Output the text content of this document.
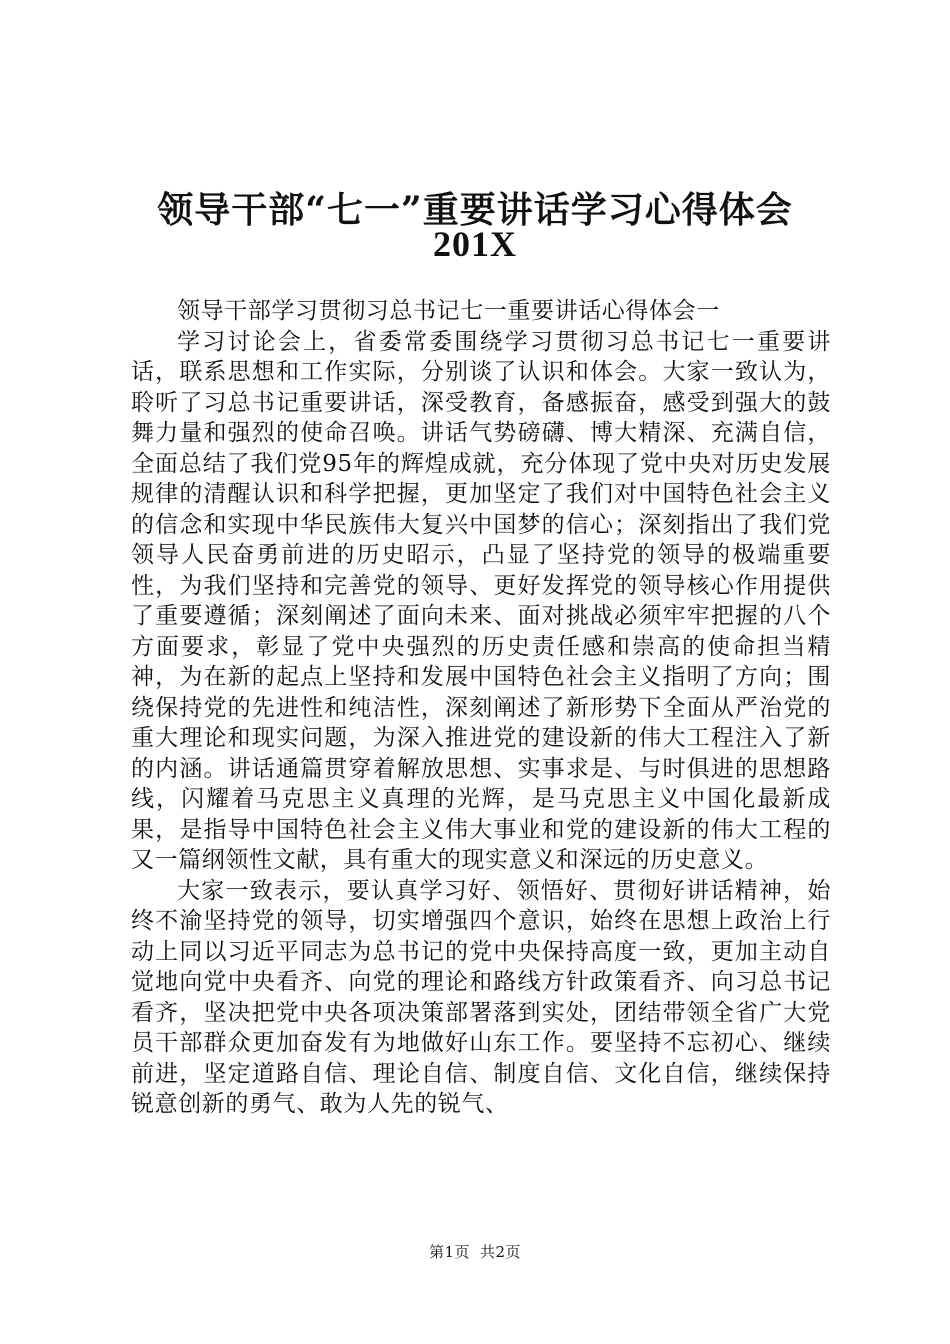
领导干部“七一”重要讲话学习心得体会
201X

领导干部学习贯彻习总书记七一重要讲话心得体会一

学习讨论会上，省委常委围绕学习贯彻习总书记七一重要讲话，联系思想和工作实际，分别谈了认识和体会。大家一致认为，聆听了习总书记重要讲话，深受教育，备感振奋，感受到强大的鼓舞力量和强烈的使命召唤。讲话气势磅礴、博大精深、充满自信，全面总结了我们党95年的辉煌成就，充分体现了党中央对历史发展规律的清醒认识和科学把握，更加坚定了我们对中国特色社会主义的信念和实现中华民族伟大复兴中国梦的信心；深刻指出了我们党领导人民奋勇前进的历史昭示，凸显了坚持党的领导的极端重要性，为我们坚持和完善党的领导、更好发挥党的领导核心作用提供了重要遵循；深刻阐述了面向未来、面对挑战必须牢牢把握的八个方面要求，彰显了党中央强烈的历史责任感和崇高的使命担当精神，为在新的起点上坚持和发展中国特色社会主义指明了方向；围绕保持党的先进性和纯洁性，深刻阐述了新形势下全面从严治党的重大理论和现实问题，为深入推进党的建设新的伟大工程注入了新的内涵。讲话通篇贯穿着解放思想、实事求是、与时俱进的思想路线，闪耀着马克思主义真理的光辉，是马克思主义中国化最新成果，是指导中国特色社会主义伟大事业和党的建设新的伟大工程的又一篇纲领性文献，具有重大的现实意义和深远的历史意义。

大家一致表示，要认真学习好、领悟好、贯彻好讲话精神，始终不渝坚持党的领导，切实增强四个意识，始终在思想上政治上行动上同以习近平同志为总书记的党中央保持高度一致，更加主动自觉地向党中央看齐、向党的理论和路线方针政策看齐、向习总书记看齐，坚决把党中央各项决策部署落到实处，团结带领全省广大党员干部群众更加奋发有为地做好山东工作。要坚持不忘初心、继续前进，坚定道路自信、理论自信、制度自信、文化自信，继续保持锐意创新的勇气、敢为人先的锐气、

第1页 共2页
